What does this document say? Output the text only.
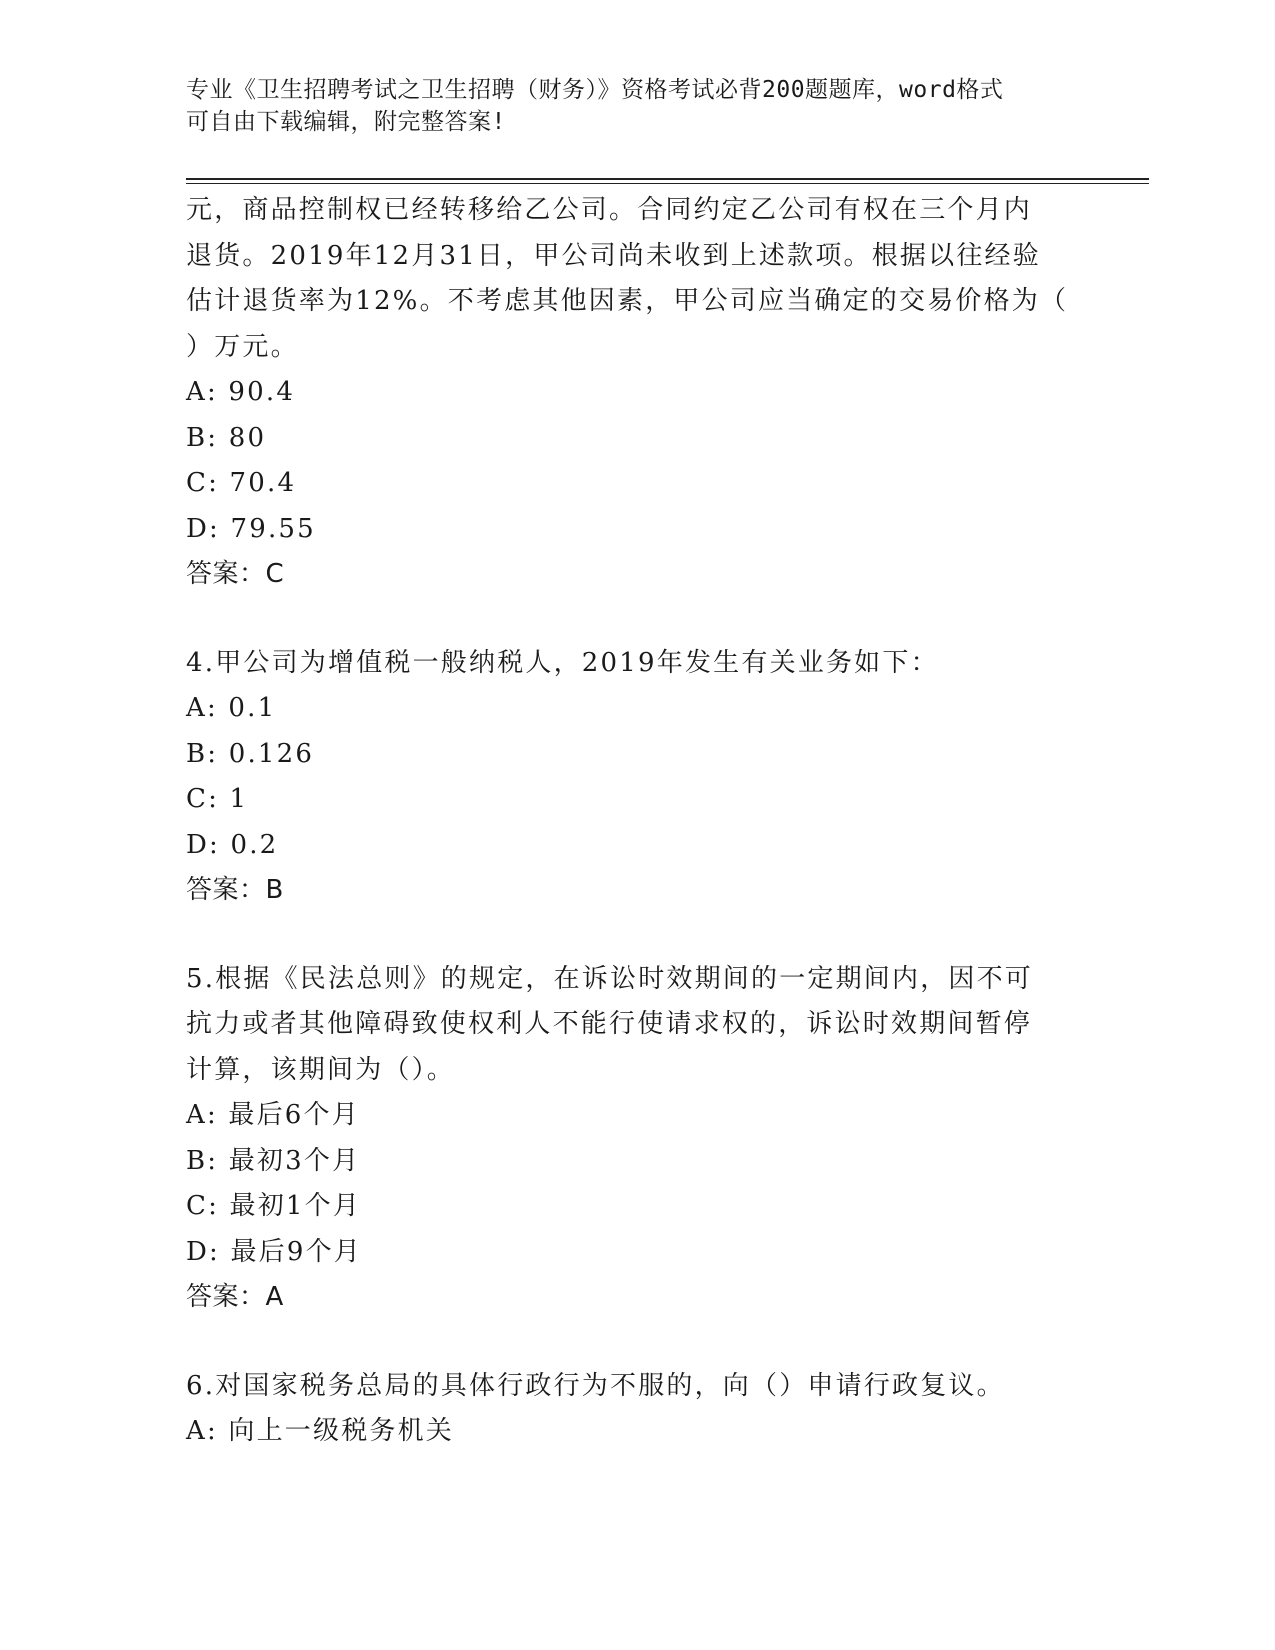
专业《卫生招聘考试之卫生招聘（财务）》资格考试必背200题题库，word格式
可自由下载编辑，附完整答案!
元，商品控制权已经转移给乙公司。合同约定乙公司有权在三个月内
退货。2019年12月31日，甲公司尚未收到上述款项。根据以往经验
估计退货率为12%。不考虑其他因素，甲公司应当确定的交易价格为（
）万元。
A: 90.4
B: 80
C: 70.4
D: 79.55
答案：C
4.甲公司为增值税一般纳税人，2019年发生有关业务如下：
A: 0.1
B: 0.126
C: 1
D: 0.2
答案：B
5.根据《民法总则》的规定，在诉讼时效期间的一定期间内，因不可
抗力或者其他障碍致使权利人不能行使请求权的，诉讼时效期间暂停
计算，该期间为（）。
A: 最后6个月
B: 最初3个月
C: 最初1个月
D: 最后9个月
答案：A
6.对国家税务总局的具体行政行为不服的，向（）申请行政复议。
A: 向上一级税务机关
